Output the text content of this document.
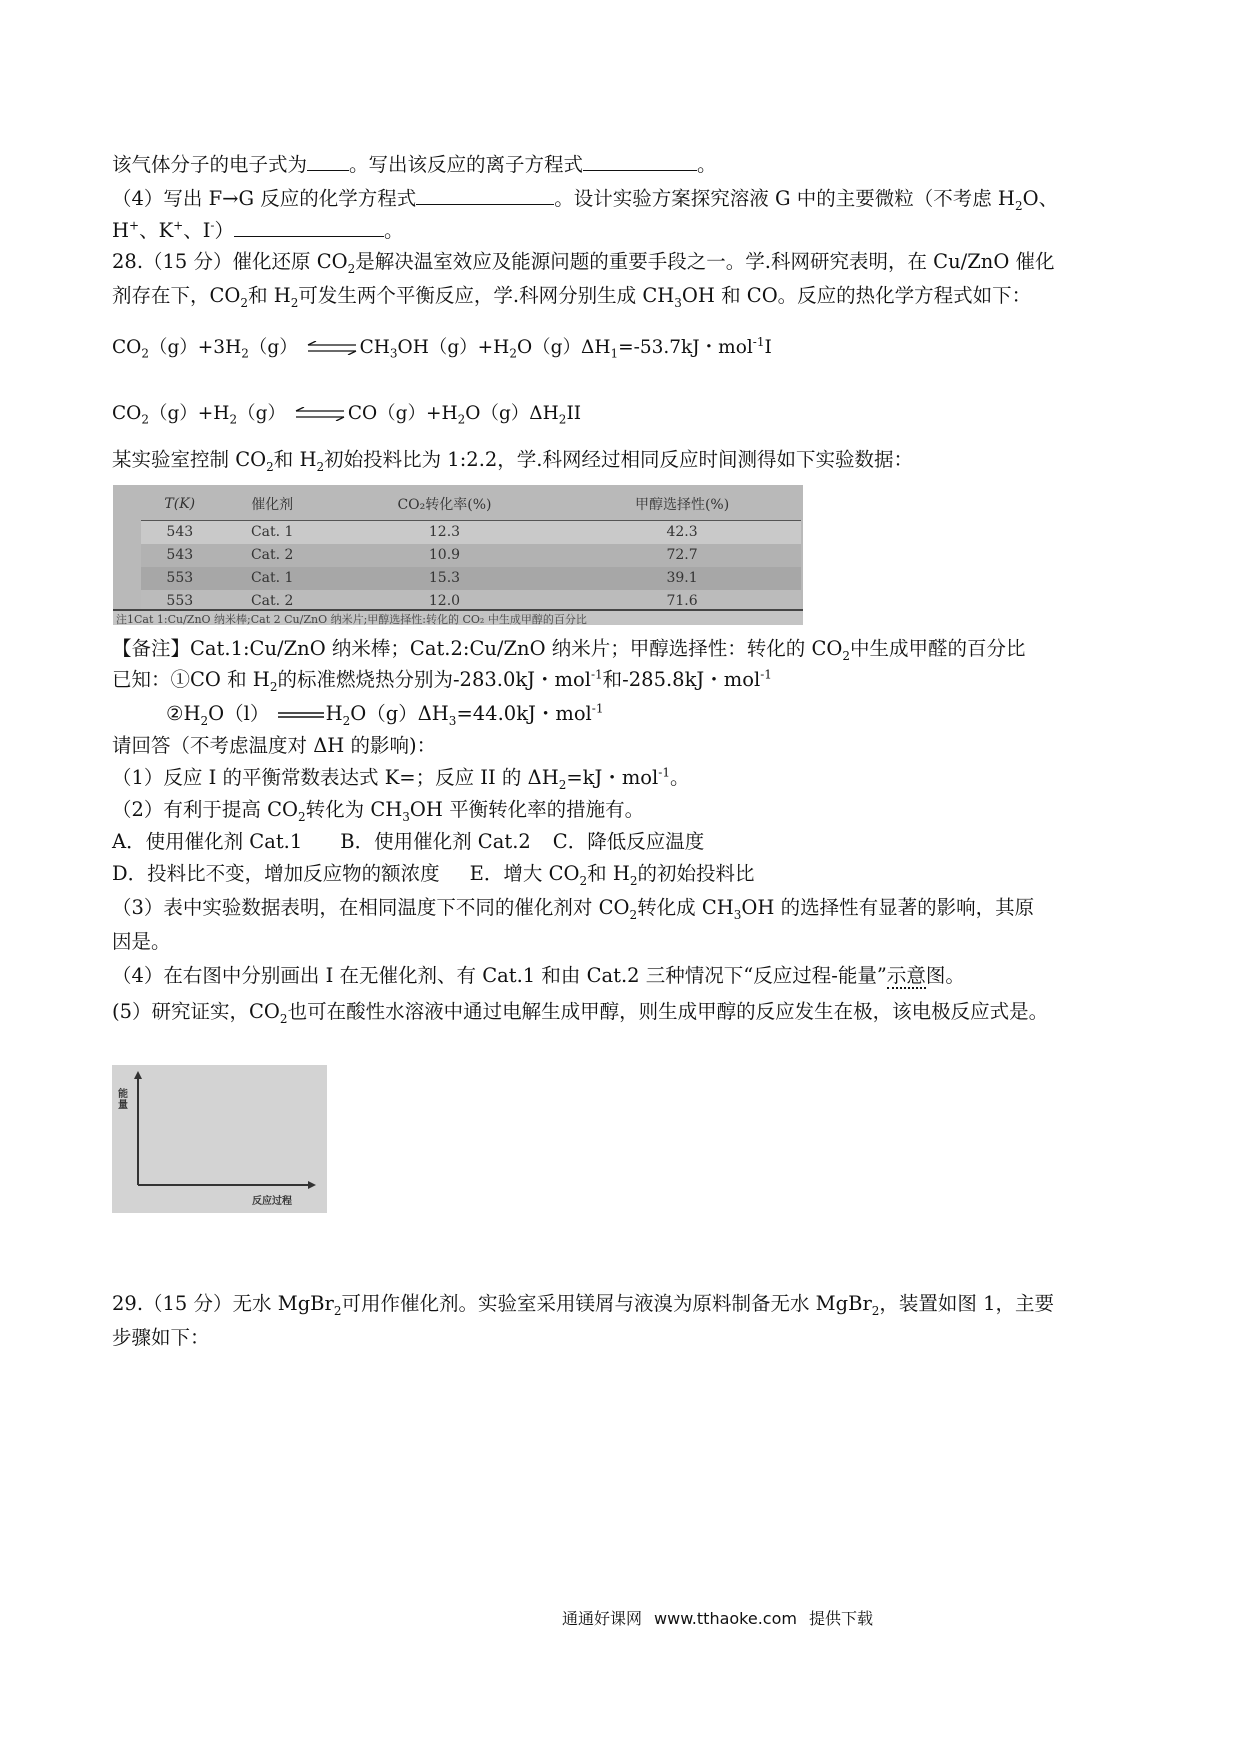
该气体分子的电子式为 。写出该反应的离子方程式	。
（4）写出 F→G 反应的化学方程式	。设计实验方案探究溶液 G 中的主要微粒（不考虑 $H_2O$、
H+、K+、I-）	。
28.（15 分）催化还原 $CO_2$是解决温室效应及能源问题的重要手段之一。学.科网研究表明，在 Cu/ZnO 催化
剂存在下，$CO_2$和 $H_2$可发生两个平衡反应，学.科网分别生成 $CH_3OH$ 和 CO。反应的热化学方程式如下：
$CO_2(g)+3H_2(g)$ ⇌ $CH_3OH(g)+H_2O(g)\Delta H_1=-53.7kJ$・mol$^{-1}$I
$CO_2(g)+H_2(g)$ ⇌ $CO(g)+H_2O(g)\Delta H_2II$
某实验室控制 $CO_2$和 $H_2$初始投料比为 1:2.2，学.科网经过相同反应时间测得如下实验数据：
T(K)	催化剂	CO₂转化率(%)	甲醇选择性(%)
543	Cat. 1	12.3	42.3
543	Cat. 2	10.9	72.7
553	Cat. 1	15.3	39.1
553	Cat. 2	12.0	71.6
注1Cat 1:Cu/ZnO 纳米棒;Cat 2 Cu/ZnO 纳米片;甲醇选择性:转化的 CO₂ 中生成甲醇的百分比
【备注】Cat.1:Cu/ZnO 纳米棒；Cat.2:Cu/ZnO 纳米片；甲醇选择性：转化的 $CO_2$中生成甲醛的百分比
已知：①CO 和 $H_2$的标准燃烧热分别为-283.0kJ・mol$^{-1}$和-285.8kJ・mol$^{-1}$
$②H_2O(l)$	$H_2O(g)\Delta H_3=44.0kJ$・mol$^{-1}$
请回答（不考虑温度对 ΔH 的影响)：
（1）反应 I 的平衡常数表达式 K=；反应 II 的 $\Delta H_2=kJ$・mol$^{-1}$。
（2）有利于提高 $CO_2$转化为 $CH_3OH$ 平衡转化率的措施有。
A．使用催化剂 Cat.1 B．使用催化剂 Cat.2 C．降低反应温度
D．投料比不变，增加反应物的额浓度 E．增大 $CO_2$和 $H_2$的初始投料比
（3）表中实验数据表明，在相同温度下不同的催化剂对 $CO_2$转化成 $CH_3OH$ 的选择性有显著的影响，其原
因是。
（4）在右图中分别画出 I 在无催化剂、有 Cat.1 和由 Cat.2 三种情况下“反应过程-能量”示意图。
(5）研究证实，$CO_2$也可在酸性水溶液中通过电解生成甲醇，则生成甲醇的反应发生在极，该电极反应式是。
能量
反应过程
29.（15 分）无水 MgBr$_2$可用作催化剂。实验室采用镁屑与液溴为原料制备无水 MgBr$_2$，装置如图 1，主要
步骤如下：
通通好课网 www.tthaoke.com 提供下载
